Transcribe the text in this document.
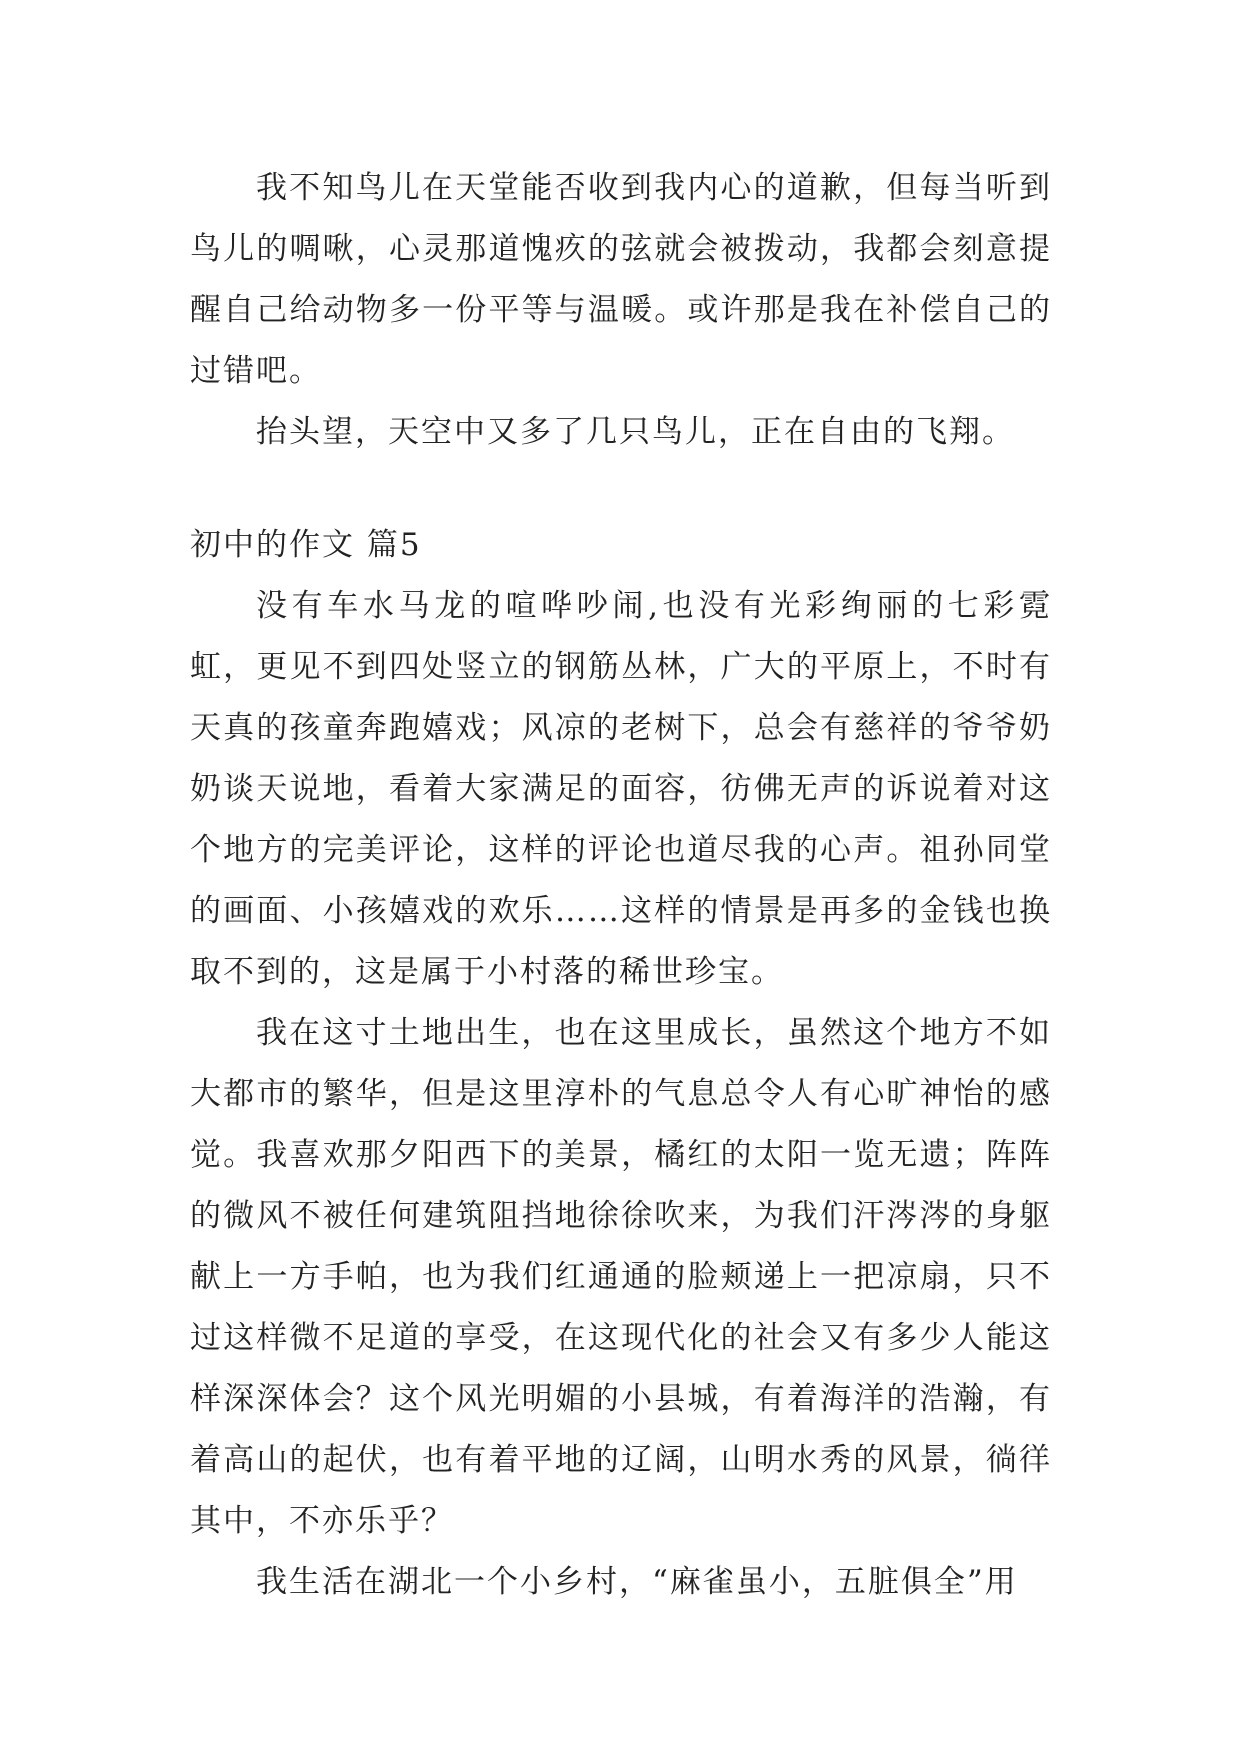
我不知鸟儿在天堂能否收到我内心的道歉，但每当听到鸟儿的啁啾，心灵那道愧疚的弦就会被拨动，我都会刻意提醒自己给动物多一份平等与温暖。或许那是我在补偿自己的过错吧。

抬头望，天空中又多了几只鸟儿，正在自由的飞翔。

初中的作文 篇5

没有车水马龙的喧哗吵闹,也没有光彩绚丽的七彩霓虹，更见不到四处竖立的钢筋丛林，广大的平原上，不时有天真的孩童奔跑嬉戏；风凉的老树下，总会有慈祥的爷爷奶奶谈天说地，看着大家满足的面容，彷佛无声的诉说着对这个地方的完美评论，这样的评论也道尽我的心声。祖孙同堂的画面、小孩嬉戏的欢乐……这样的情景是再多的金钱也换取不到的，这是属于小村落的稀世珍宝。

我在这寸土地出生，也在这里成长，虽然这个地方不如大都市的繁华，但是这里淳朴的气息总令人有心旷神怡的感觉。我喜欢那夕阳西下的美景，橘红的太阳一览无遗；阵阵的微风不被任何建筑阻挡地徐徐吹来，为我们汗涔涔的身躯献上一方手帕，也为我们红通通的脸颊递上一把凉扇，只不过这样微不足道的享受，在这现代化的社会又有多少人能这样深深体会？这个风光明媚的小县城，有着海洋的浩瀚，有着高山的起伏，也有着平地的辽阔，山明水秀的风景，徜徉其中，不亦乐乎？

我生活在湖北一个小乡村，“麻雀虽小，五脏俱全”用
